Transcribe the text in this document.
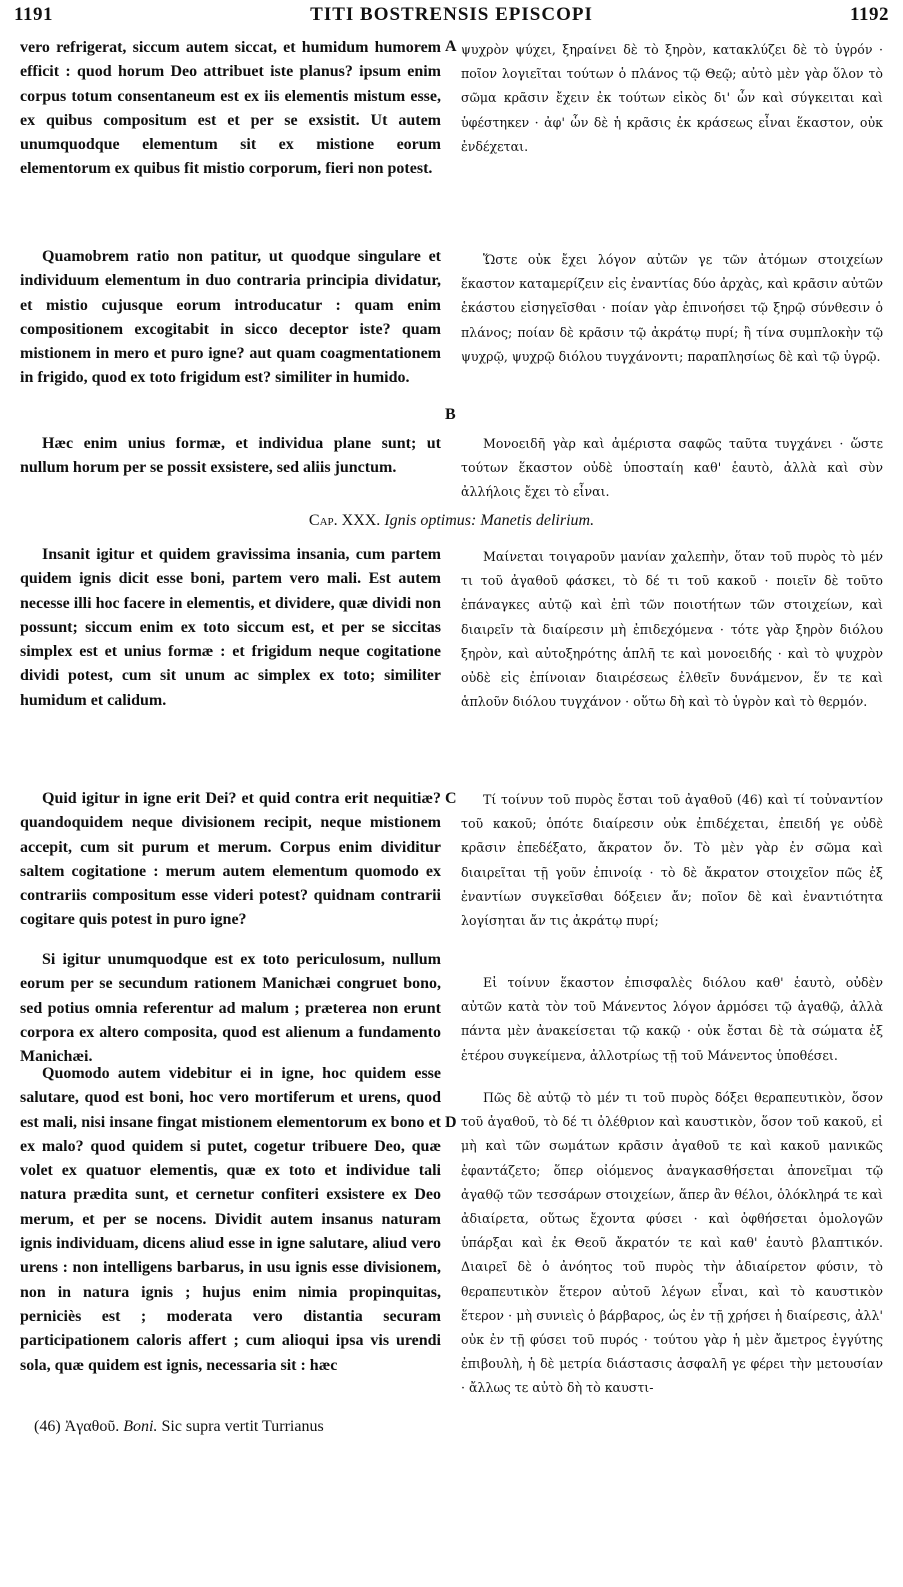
1191	TITI BOSTRENSIS EPISCOPI	1192

vero refrigerat, siccum autem siccat, et humidum humorem efficit : quod horum Deo attribuet iste planus? ipsum enim corpus totum consentaneum est ex iis elementis mistum esse, ex quibus compositum est et per se exsistit. Ut autem unumquodque elementum sit ex mistione eorum elementorum ex quibus fit mistio corporum, fieri non potest.

Quamobrem ratio non patitur, ut quodque singulare et individuum elementum in duo contraria principia dividatur, et mistio cujusque eorum introducatur : quam enim compositionem excogitabit in sicco deceptor iste? quam mistionem in mero et puro igne? aut quam coagmentationem in frigido, quod ex toto frigidum est? similiter in humido.

Hæc enim unius formæ, et individua plane sunt; ut nullum horum per se possit exsistere, sed aliis junctum.

Cap. XXX. Ignis optimus: Manetis delirium.

Insanit igitur et quidem gravissima insania, cum partem quidem ignis dicit esse boni, partem vero mali. Est autem necesse illi hoc facere in elementis, et dividere, quæ dividi non possunt; siccum enim ex toto siccum est, et per se siccitas simplex est et unius formæ : et frigidum neque cogitatione dividi potest, cum sit unum ac simplex ex toto; similiter humidum et calidum.

Quid igitur in igne erit Dei? et quid contra erit nequitiæ? quandoquidem neque divisionem recipit, neque mistionem accepit, cum sit purum et merum. Corpus enim dividitur saltem cogitatione : merum autem elementum quomodo ex contrariis compositum esse videri potest? quidnam contrarii cogitare quis potest in puro igne?

Si igitur unumquodque est ex toto periculosum, nullum eorum per se secundum rationem Manichæi congruet bono, sed potius omnia referentur ad malum ; præterea non erunt corpora ex altero composita, quod est alienum a fundamento Manichæi.

Quomodo autem videbitur ei in igne, hoc quidem esse salutare, quod est boni, hoc vero mortiferum et urens, quod est mali, nisi insane fingat mistionem elementorum ex bono et ex malo? quod quidem si putet, cogetur tribuere Deo, quæ volet ex quatuor elementis, quæ ex toto et individue tali natura prædita sunt, et cernetur confiteri exsistere ex Deo merum, et per se nocens. Dividit autem insanus naturam ignis individuam, dicens aliud esse in igne salutare, aliud vero urens : non intelligens barbarus, in usu ignis esse divisionem, non in natura ignis ; hujus enim nimia propinquitas, perniciès est ; moderata vero distantia securam participationem caloris affert ; cum alioqui ipsa vis urendi sola, quæ quidem est ignis, necessaria sit : hæc

A
B
C
D

ψυχρὸν ψύχει, ξηραίνει δὲ τὸ ξηρὸν, κατακλύζει δὲ τὸ ὑγρόν · ποῖον λογιεῖται τούτων ὁ πλάνος τῷ Θεῷ; αὐτὸ μὲν γὰρ ὅλον τὸ σῶμα κρᾶσιν ἔχειν ἐκ τούτων εἰκὸς δι' ὧν καὶ σύγκειται καὶ ὑφέστηκεν · ἀφ' ὧν δὲ ἡ κρᾶσις ἐκ κράσεως εἶναι ἕκαστον, οὐκ ἐνδέχεται.

Ὥστε οὐκ ἔχει λόγον αὐτῶν γε τῶν ἀτόμων στοιχείων ἕκαστον καταμερίζειν εἰς ἐναντίας δύο ἀρχὰς, καὶ κρᾶσιν αὐτῶν ἑκάστου εἰσηγεῖσθαι · ποίαν γὰρ ἐπινοήσει τῷ ξηρῷ σύνθεσιν ὁ πλάνος; ποίαν δὲ κρᾶσιν τῷ ἀκράτῳ πυρί; ἢ τίνα συμπλοκὴν τῷ ψυχρῷ, ψυχρῷ διόλου τυγχάνοντι; παραπλησίως δὲ καὶ τῷ ὑγρῷ.

Μονοειδῆ γὰρ καὶ ἀμέριστα σαφῶς ταῦτα τυγχάνει · ὥστε τούτων ἕκαστον οὐδὲ ὑποσταίη καθ' ἑαυτὸ, ἀλλὰ καὶ σὺν ἀλλήλοις ἔχει τὸ εἶναι.

Μαίνεται τοιγαροῦν μανίαν χαλεπὴν, ὅταν τοῦ πυρὸς τὸ μέν τι τοῦ ἀγαθοῦ φάσκει, τὸ δέ τι τοῦ κακοῦ · ποιεῖν δὲ τοῦτο ἐπάναγκες αὐτῷ καὶ ἐπὶ τῶν ποιοτήτων τῶν στοιχείων, καὶ διαιρεῖν τὰ διαίρεσιν μὴ ἐπιδεχόμενα · τότε γὰρ ξηρὸν διόλου ξηρὸν, καὶ αὐτοξηρότης ἁπλῆ τε καὶ μονοειδής · καὶ τὸ ψυχρὸν οὐδὲ εἰς ἐπίνοιαν διαιρέσεως ἐλθεῖν δυνάμενον, ἕν τε καὶ ἁπλοῦν διόλου τυγχάνον · οὕτω δὴ καὶ τὸ ὑγρὸν καὶ τὸ θερμόν.

Τί τοίνυν τοῦ πυρὸς ἔσται τοῦ ἀγαθοῦ (46) καὶ τί τοὐναντίον τοῦ κακοῦ; ὁπότε διαίρεσιν οὐκ ἐπιδέχεται, ἐπειδή γε οὐδὲ κρᾶσιν ἐπεδέξατο, ἄκρατον ὄν. Τὸ μὲν γὰρ ἐν σῶμα καὶ διαιρεῖται τῇ γοῦν ἐπινοίᾳ · τὸ δὲ ἄκρατον στοιχεῖον πῶς ἐξ ἐναντίων συγκεῖσθαι δόξειεν ἄν; ποῖον δὲ καὶ ἐναντιότητα λογίσηται ἄν τις ἀκράτῳ πυρί;

Εἰ τοίνυν ἕκαστον ἐπισφαλὲς διόλου καθ' ἑαυτὸ, οὐδὲν αὐτῶν κατὰ τὸν τοῦ Μάνεντος λόγον ἁρμόσει τῷ ἀγαθῷ, ἀλλὰ πάντα μὲν ἀνακείσεται τῷ κακῷ · οὐκ ἔσται δὲ τὰ σώματα ἐξ ἑτέρου συγκείμενα, ἀλλοτρίως τῇ τοῦ Μάνεντος ὑποθέσει.

Πῶς δὲ αὐτῷ τὸ μέν τι τοῦ πυρὸς δόξει θεραπευτικὸν, ὅσον τοῦ ἀγαθοῦ, τὸ δέ τι ὀλέθριον καὶ καυστικὸν, ὅσον τοῦ κακοῦ, εἰ μὴ καὶ τῶν σωμάτων κρᾶσιν ἀγαθοῦ τε καὶ κακοῦ μανικῶς ἐφαντάζετο; ὅπερ οἰόμενος ἀναγκασθήσεται ἀπονεῖμαι τῷ ἀγαθῷ τῶν τεσσάρων στοιχείων, ἅπερ ἂν θέλοι, ὁλόκληρά τε καὶ ἀδιαίρετα, οὕτως ἔχοντα φύσει · καὶ ὀφθήσεται ὁμολογῶν ὑπάρξαι καὶ ἐκ Θεοῦ ἄκρατόν τε καὶ καθ' ἑαυτὸ βλαπτικόν. Διαιρεῖ δὲ ὁ ἀνόητος τοῦ πυρὸς τὴν ἀδιαίρετον φύσιν, τὸ θεραπευτικὸν ἕτερον αὐτοῦ λέγων εἶναι, καὶ τὸ καυστικὸν ἕτερον · μὴ συνιεὶς ὁ βάρβαρος, ὡς ἐν τῇ χρήσει ἡ διαίρεσις, ἀλλ' οὐκ ἐν τῇ φύσει τοῦ πυρός · τούτου γὰρ ἡ μὲν ἄμετρος ἐγγύτης ἐπιβουλὴ, ἡ δὲ μετρία διάστασις ἀσφαλῆ γε φέρει τὴν μετουσίαν · ἄλλως τε αὐτὸ δὴ τὸ καυστι-

(46) Ἀγαθοῦ. Boni. Sic supra vertit Turrianus
